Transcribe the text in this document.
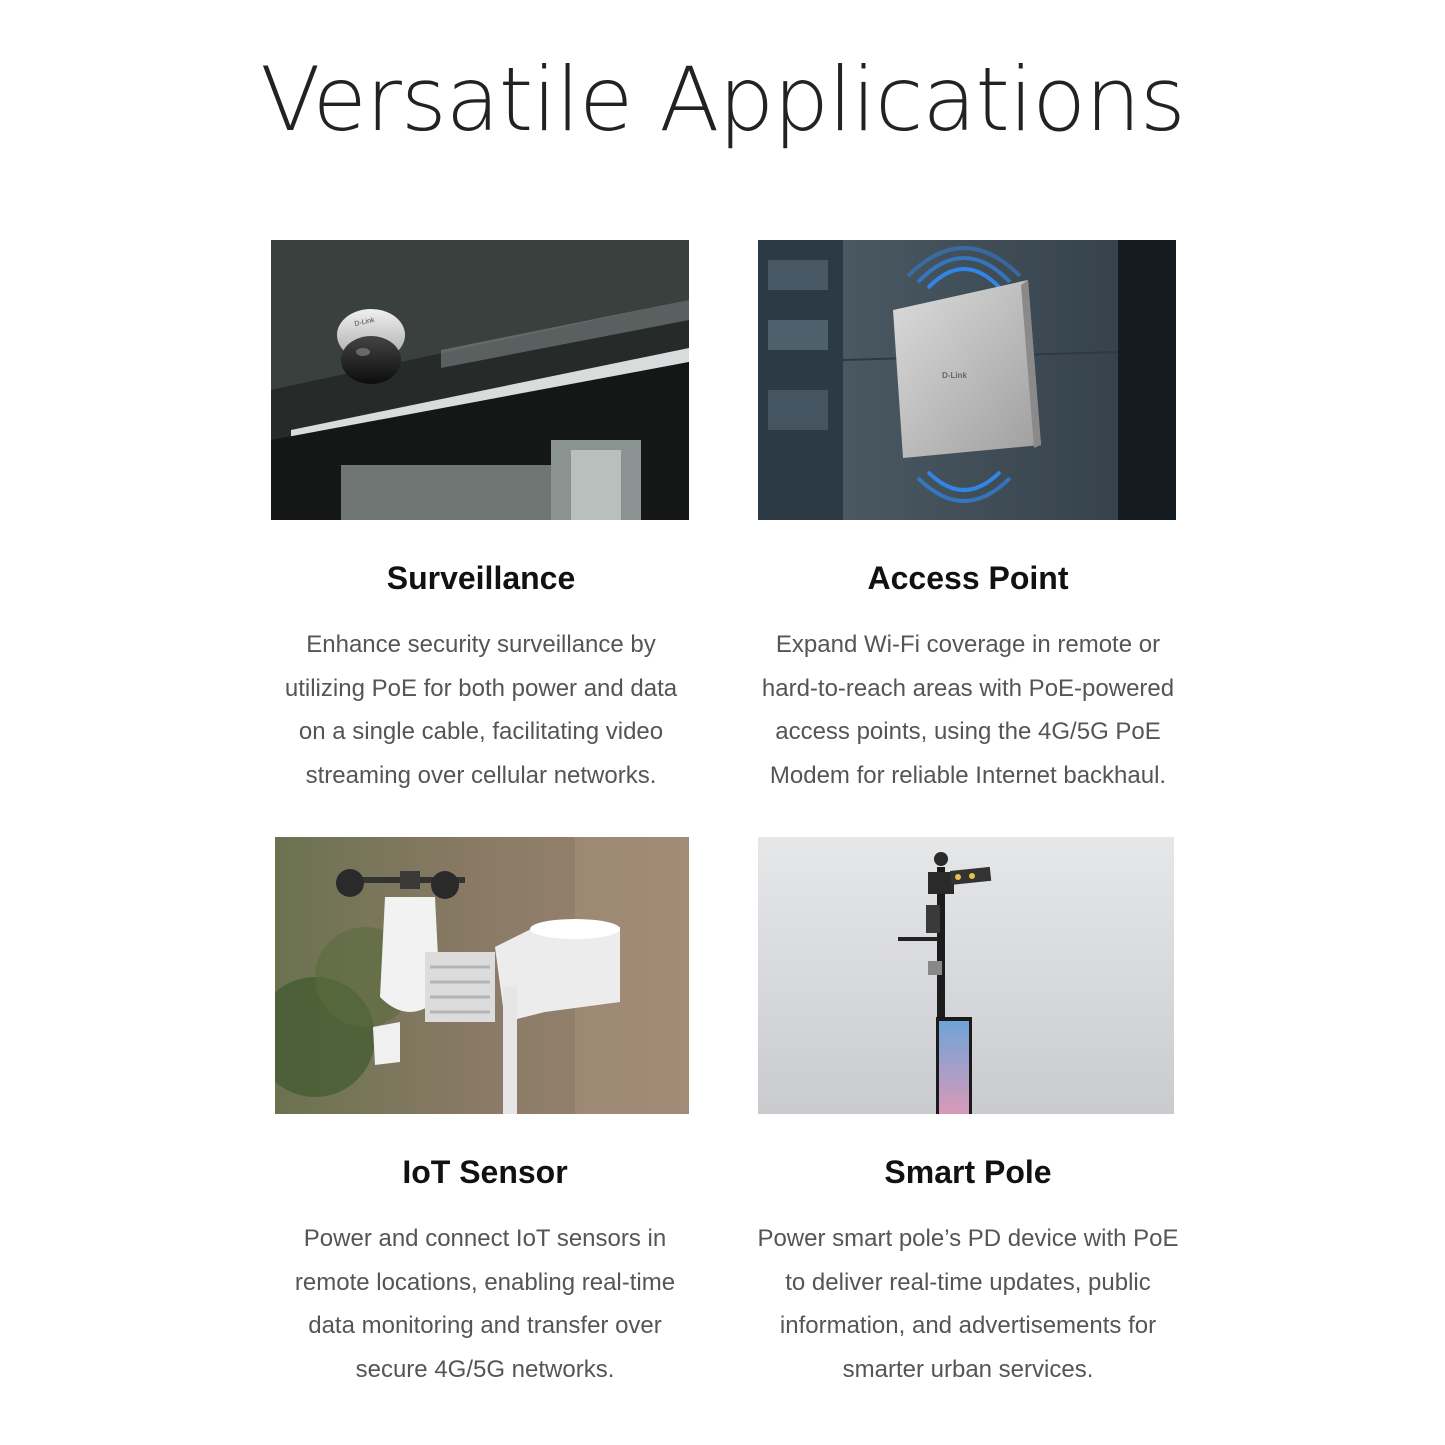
Versatile Applications
D-Link
Surveillance
Enhance security surveillance by utilizing PoE for both power and data on a single cable, facilitating video streaming over cellular networks.
D-Link
Access Point
Expand Wi-Fi coverage in remote or hard-to-reach areas with PoE-powered access points, using the 4G/5G PoE Modem for reliable Internet backhaul.
IoT Sensor
Power and connect IoT sensors in remote locations, enabling real-time data monitoring and transfer over secure 4G/5G networks.
Smart Pole
Power smart pole’s PD device with PoE to deliver real-time updates, public information, and advertisements for smarter urban services.
